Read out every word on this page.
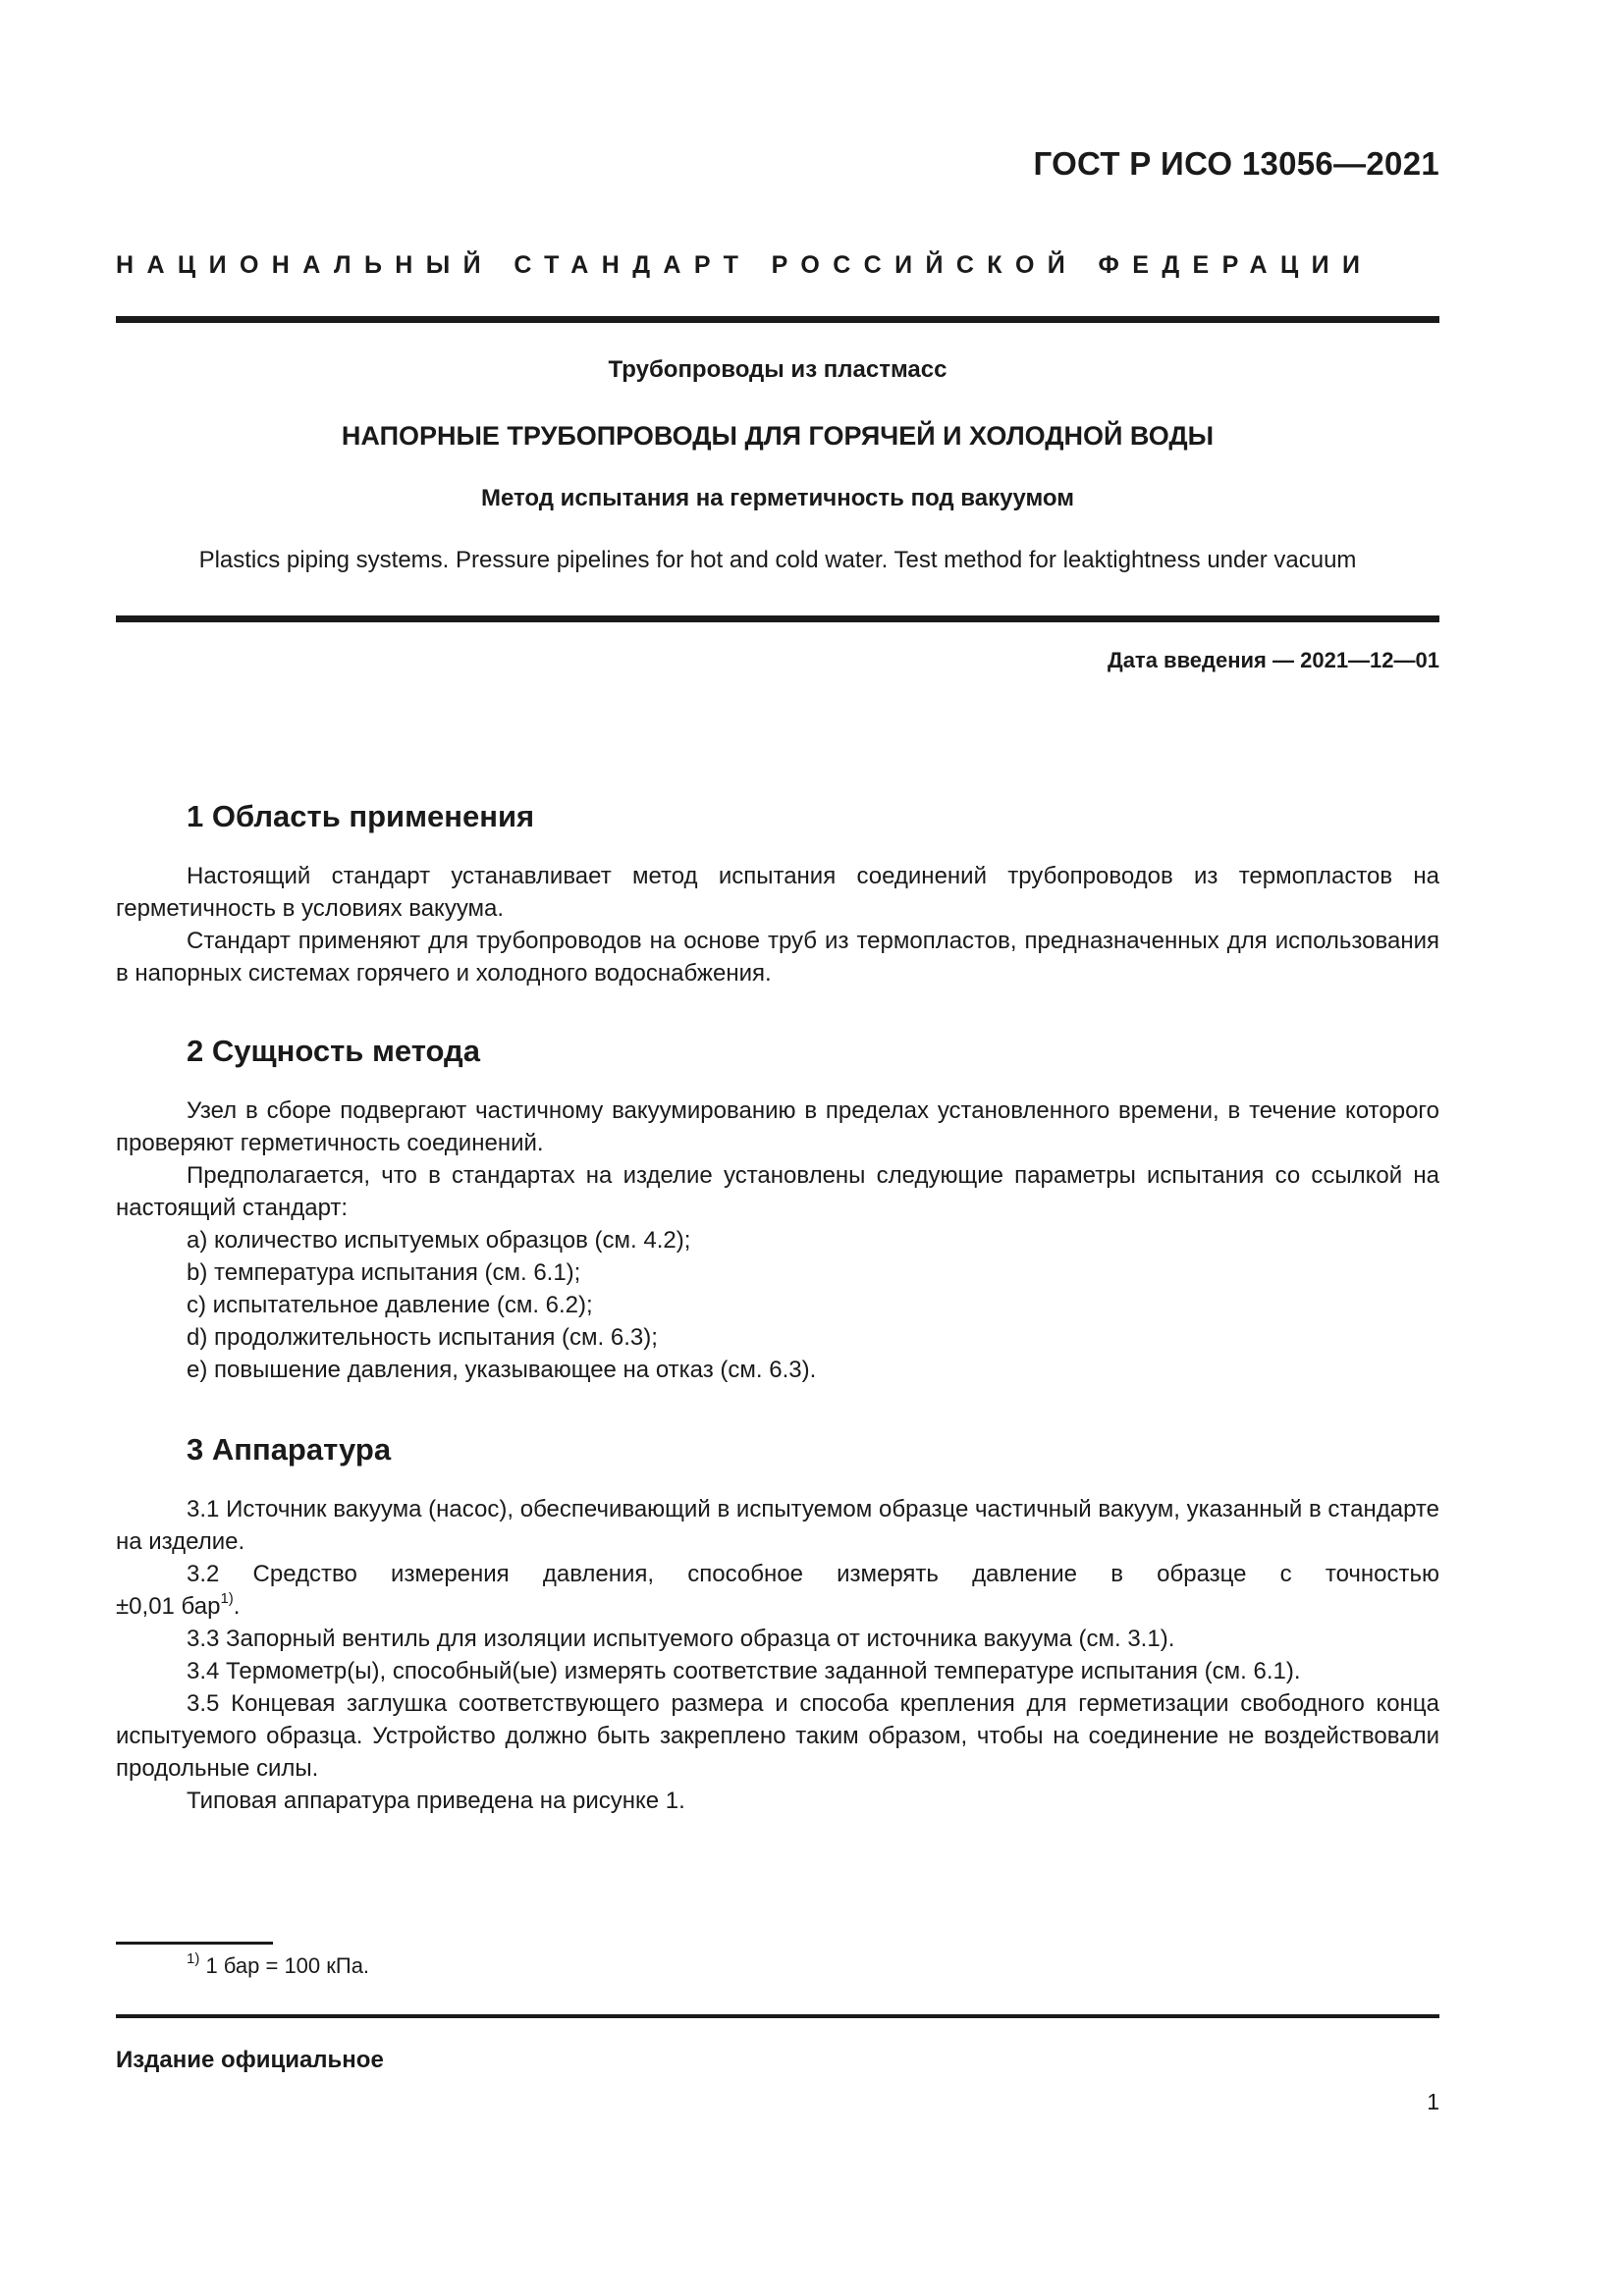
ГОСТ Р ИСО 13056—2021
НАЦИОНАЛЬНЫЙ СТАНДАРТ РОССИЙСКОЙ ФЕДЕРАЦИИ
Трубопроводы из пластмасс
НАПОРНЫЕ ТРУБОПРОВОДЫ ДЛЯ ГОРЯЧЕЙ И ХОЛОДНОЙ ВОДЫ
Метод испытания на герметичность под вакуумом
Plastics piping systems. Pressure pipelines for hot and cold water. Test method for leaktightness under vacuum
Дата введения — 2021—12—01
1 Область применения

Настоящий стандарт устанавливает метод испытания соединений трубопроводов из термопластов на герметичность в условиях вакуума.

Стандарт применяют для трубопроводов на основе труб из термопластов, предназначенных для использования в напорных системах горячего и холодного водоснабжения.

2 Сущность метода

Узел в сборе подвергают частичному вакуумированию в пределах установленного времени, в течение которого проверяют герметичность соединений.

Предполагается, что в стандартах на изделие установлены следующие параметры испытания со ссылкой на настоящий стандарт:

a) количество испытуемых образцов (см. 4.2);

b) температура испытания (см. 6.1);

c) испытательное давление (см. 6.2);

d) продолжительность испытания (см. 6.3);

e) повышение давления, указывающее на отказ (см. 6.3).

3 Аппаратура

3.1 Источник вакуума (насос), обеспечивающий в испытуемом образце частичный вакуум, указанный в стандарте на изделие.

3.2 Средство измерения давления, способное измерять давление в образце с точностью

±0,01 бар$^{1)}$.

3.3 Запорный вентиль для изоляции испытуемого образца от источника вакуума (см. 3.1).

3.4 Термометр(ы), способный(ые) измерять соответствие заданной температуре испытания (см. 6.1).

3.5 Концевая заглушка соответствующего размера и способа крепления для герметизации свободного конца испытуемого образца. Устройство должно быть закреплено таким образом, чтобы на соединение не воздействовали продольные силы.

Типовая аппаратура приведена на рисунке 1.

$^{1)}$ 1 бар = 100 кПа.
Издание официальное
1
